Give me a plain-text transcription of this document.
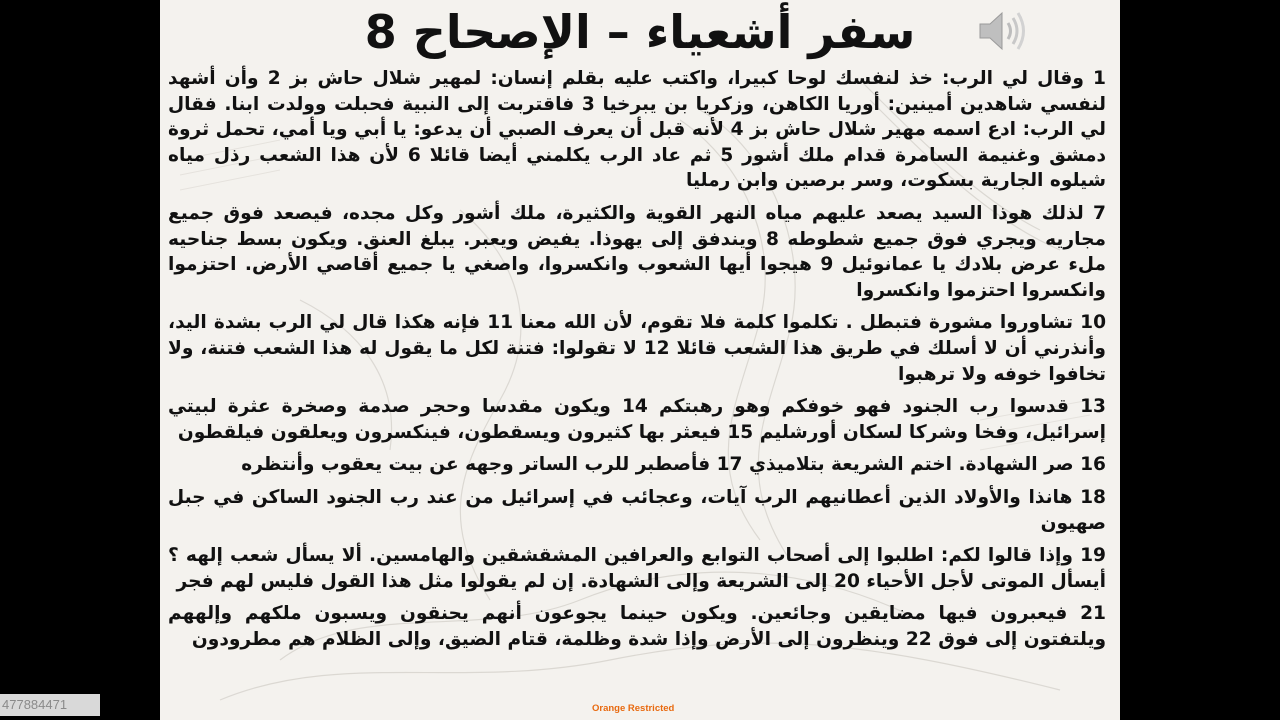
سفر أشعياء – الإصحاح 8

1 وقال لي الرب: خذ لنفسك لوحا كبيرا، واكتب عليه بقلم إنسان: لمهير شلال حاش بز 2 وأن أشهد لنفسي شاهدين أمينين: أوريا الكاهن، وزكريا بن يبرخيا 3 فاقتربت إلى النبية فحبلت وولدت ابنا. فقال لي الرب: ادع اسمه مهير شلال حاش بز 4 لأنه قبل أن يعرف الصبي أن يدعو: يا أبي ويا أمي، تحمل ثروة دمشق وغنيمة السامرة قدام ملك أشور 5 ثم عاد الرب يكلمني أيضا قائلا 6 لأن هذا الشعب رذل مياه شيلوه الجارية بسكوت، وسر برصين وابن رمليا

7 لذلك هوذا السيد يصعد عليهم مياه النهر القوية والكثيرة، ملك أشور وكل مجده، فيصعد فوق جميع مجاريه ويجري فوق جميع شطوطه 8 ويندفق إلى يهوذا. يفيض ويعبر. يبلغ العنق. ويكون بسط جناحيه ملء عرض بلادك يا عمانوئيل 9 هيجوا أيها الشعوب وانكسروا، واصغي يا جميع أقاصي الأرض. احتزموا وانكسروا احتزموا وانكسروا

10 تشاوروا مشورة فتبطل . تكلموا كلمة فلا تقوم، لأن الله معنا 11 فإنه هكذا قال لي الرب بشدة اليد، وأنذرني أن لا أسلك في طريق هذا الشعب قائلا 12 لا تقولوا: فتنة لكل ما يقول له هذا الشعب فتنة، ولا تخافوا خوفه ولا ترهبوا

13 قدسوا رب الجنود فهو خوفكم وهو رهبتكم 14 ويكون مقدسا وحجر صدمة وصخرة عثرة لبيتي إسرائيل، وفخا وشركا لسكان أورشليم 15 فيعثر بها كثيرون ويسقطون، فينكسرون ويعلقون فيلقطون

16 صر الشهادة. اختم الشريعة بتلاميذي 17 فأصطبر للرب الساتر وجهه عن بيت يعقوب وأنتظره

18 هانذا والأولاد الذين أعطانيهم الرب آيات، وعجائب في إسرائيل من عند رب الجنود الساكن في جبل صهيون

19 وإذا قالوا لكم: اطلبوا إلى أصحاب التوابع والعرافين المشقشقين والهامسين. ألا يسأل شعب إلهه ؟ أيسأل الموتى لأجل الأحياء 20 إلى الشريعة وإلى الشهادة. إن لم يقولوا مثل هذا القول فليس لهم فجر

21 فيعبرون فيها مضايقين وجائعين. ويكون حينما يجوعون أنهم يحنقون ويسبون ملكهم وإلههم ويلتفتون إلى فوق 22 وينظرون إلى الأرض وإذا شدة وظلمة، قتام الضيق، وإلى الظلام هم مطرودون

Orange Restricted
477884471
